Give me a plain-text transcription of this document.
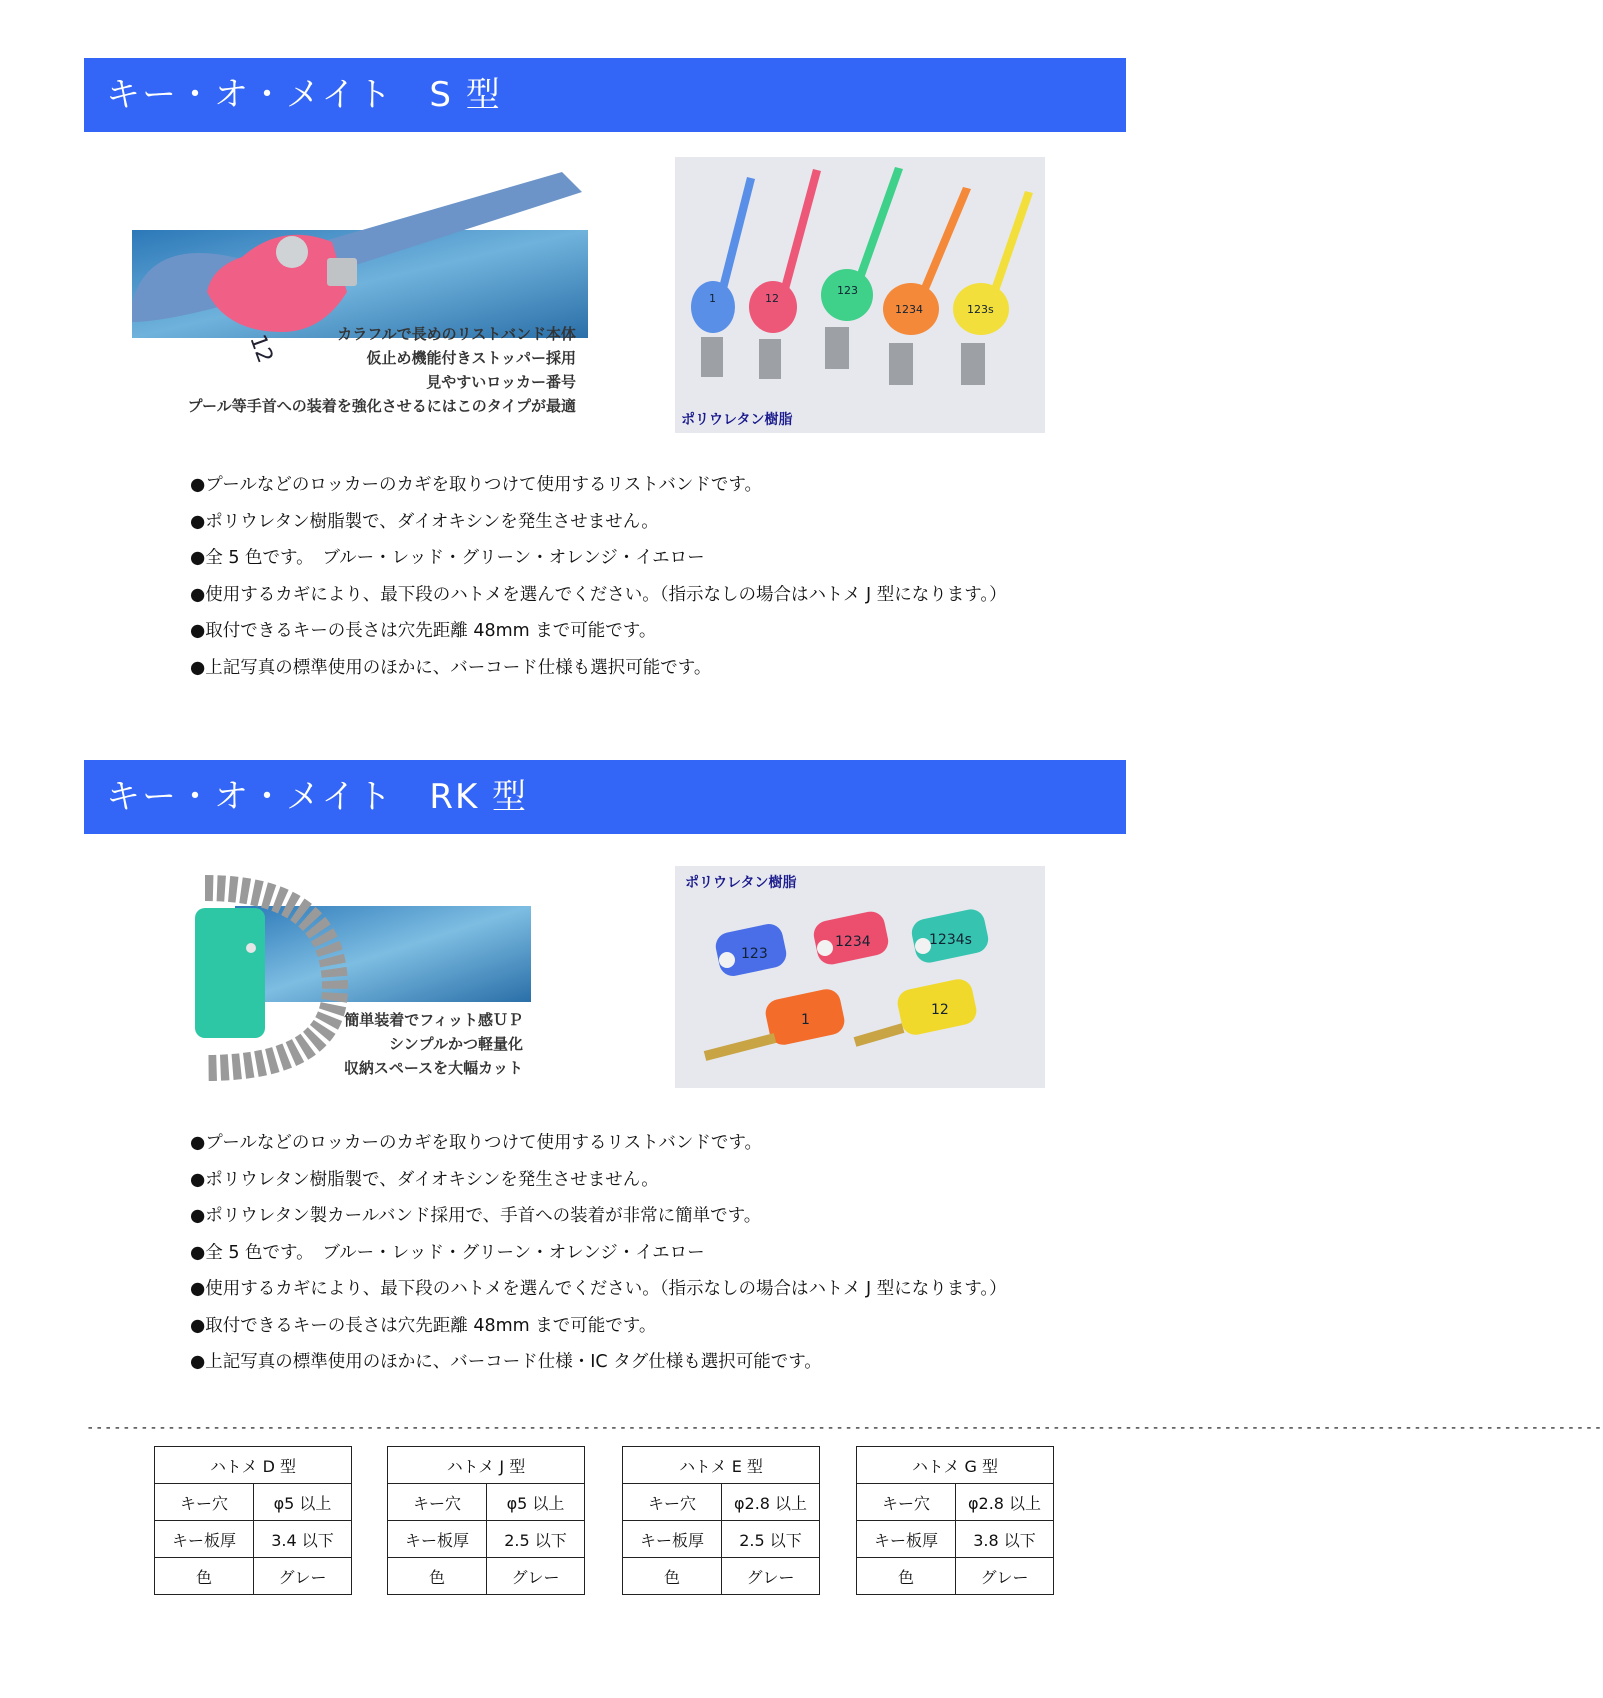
キー・オ・メイト　S 型
12	カラフルで長めのリストバンド本体
仮止め機能付きストッパー採用
見やすいロッカー番号
プール等手首への装着を強化させるにはこのタイプが最適
1	12
123
1234	123s
ポリウレタン樹脂
●プールなどのロッカーのカギを取りつけて使用するリストバンドです。
●ポリウレタン樹脂製で、ダイオキシンを発生させません。
●全 5 色です。　ブルー・レッド・グリーン・オレンジ・イエロー
●使用するカギにより、最下段のハトメを選んでください。（指示なしの場合はハトメ J 型になります。）
●取付できるキーの長さは穴先距離 48mm まで可能です。
●上記写真の標準使用のほかに、バーコード仕様も選択可能です。
キー・オ・メイト　RK 型
簡単装着でフィット感ＵＰ
シンプルかつ軽量化
収納スペースを大幅カット
ポリウレタン樹脂
123
1234	1234s
1
12
●プールなどのロッカーのカギを取りつけて使用するリストバンドです。
●ポリウレタン樹脂製で、ダイオキシンを発生させません。
●ポリウレタン製カールバンド採用で、手首への装着が非常に簡単です。
●全 5 色です。　ブルー・レッド・グリーン・オレンジ・イエロー
●使用するカギにより、最下段のハトメを選んでください。（指示なしの場合はハトメ J 型になります。）
●取付できるキーの長さは穴先距離 48mm まで可能です。
●上記写真の標準使用のほかに、バーコード仕様・IC タグ仕様も選択可能です。
------------------------------------------------------------------------------------------------------------------------------------------------------------------------
ハトメ D 型	
キー穴	φ5 以上
キー板厚	3.4 以下
色	グレー
ハトメ J 型	
キー穴	φ5 以上
キー板厚	2.5 以下
色	グレー
ハトメ E 型	
キー穴	φ2.8 以上
キー板厚	2.5 以下
色	グレー
ハトメ G 型	
キー穴	φ2.8 以上
キー板厚	3.8 以下
色	グレー
